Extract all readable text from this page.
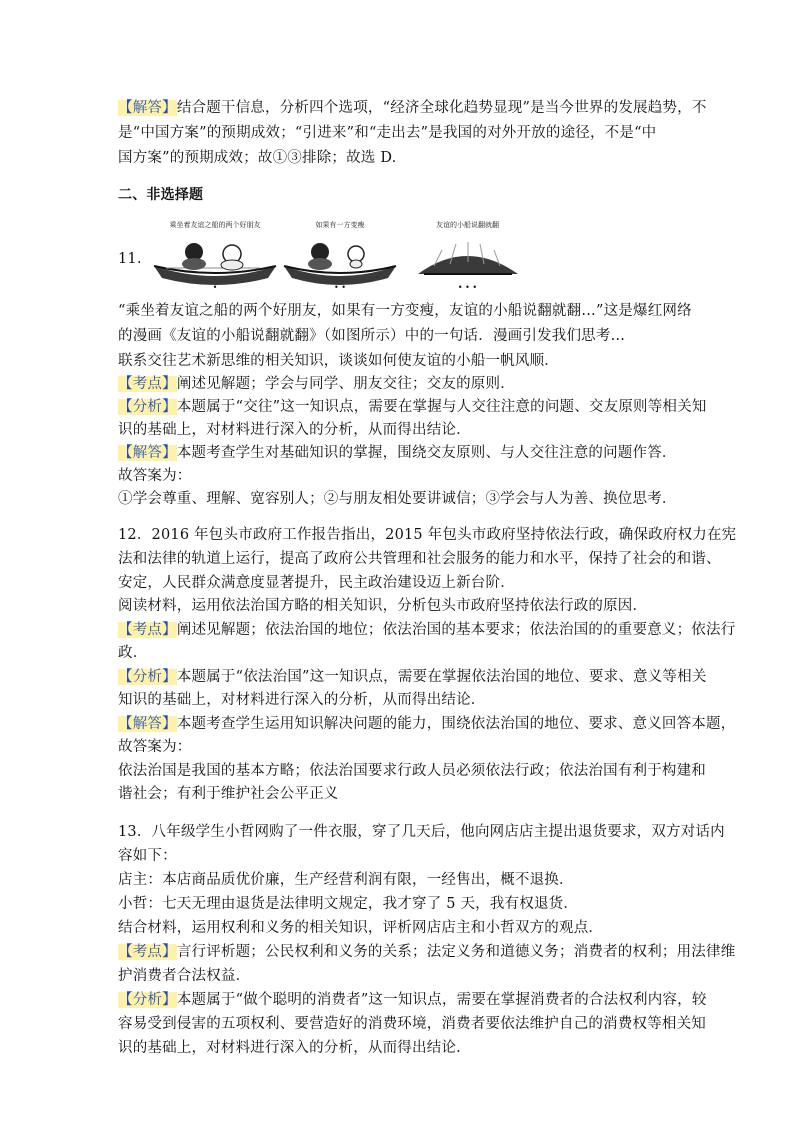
【解答】结合题干信息，分析四个选项，“经济全球化趋势显现”是当今世界的发展趋势，不
是“中国方案”的预期成效；“引进来”和“走出去”是我国的对外开放的途径，不是“中
国方案”的预期成效；故①③排除；故选 D.
二、非选择题
11.
乘坐着友谊之船的两个好朋友
•
如果有一方变瘦
• •
友谊的小船说翻就翻
• • •
“乘坐着友谊之船的两个好朋友，如果有一方变瘦，友谊的小船说翻就翻…”这是爆红网络
的漫画《友谊的小船说翻就翻》（如图所示）中的一句话．漫画引发我们思考…
联系交往艺术新思维的相关知识，谈谈如何使友谊的小船一帆风顺．
【考点】阐述见解题；学会与同学、朋友交往；交友的原则．
【分析】本题属于“交往”这一知识点，需要在掌握与人交往注意的问题、交友原则等相关知
识的基础上，对材料进行深入的分析，从而得出结论．
【解答】本题考查学生对基础知识的掌握，围绕交友原则、与人交往注意的问题作答．
故答案为：
①学会尊重、理解、宽容别人；②与朋友相处要讲诚信；③学会与人为善、换位思考．
12．2016 年包头市政府工作报告指出，2015 年包头市政府坚持依法行政，确保政府权力在宪
法和法律的轨道上运行，提高了政府公共管理和社会服务的能力和水平，保持了社会的和谐、
安定，人民群众满意度显著提升，民主政治建设迈上新台阶．
阅读材料，运用依法治国方略的相关知识，分析包头市政府坚持依法行政的原因．
【考点】阐述见解题；依法治国的地位；依法治国的基本要求；依法治国的的重要意义；依法行
政．
【分析】本题属于“依法治国”这一知识点，需要在掌握依法治国的地位、要求、意义等相关
知识的基础上，对材料进行深入的分析，从而得出结论．
【解答】本题考查学生运用知识解决问题的能力，围绕依法治国的地位、要求、意义回答本题，
故答案为：
依法治国是我国的基本方略；依法治国要求行政人员必须依法行政；依法治国有利于构建和
谐社会；有利于维护社会公平正义
13．八年级学生小哲网购了一件衣服，穿了几天后，他向网店店主提出退货要求，双方对话内
容如下：
店主：本店商品质优价廉，生产经营利润有限，一经售出，概不退换．
小哲：七天无理由退货是法律明文规定，我才穿了 5 天，我有权退货．
结合材料，运用权利和义务的相关知识，评析网店店主和小哲双方的观点．
【考点】言行评析题；公民权利和义务的关系；法定义务和道德义务；消费者的权利；用法律维
护消费者合法权益．
【分析】本题属于“做个聪明的消费者”这一知识点，需要在掌握消费者的合法权利内容，较
容易受到侵害的五项权利、要营造好的消费环境，消费者要依法维护自己的消费权等相关知
识的基础上，对材料进行深入的分析，从而得出结论．
